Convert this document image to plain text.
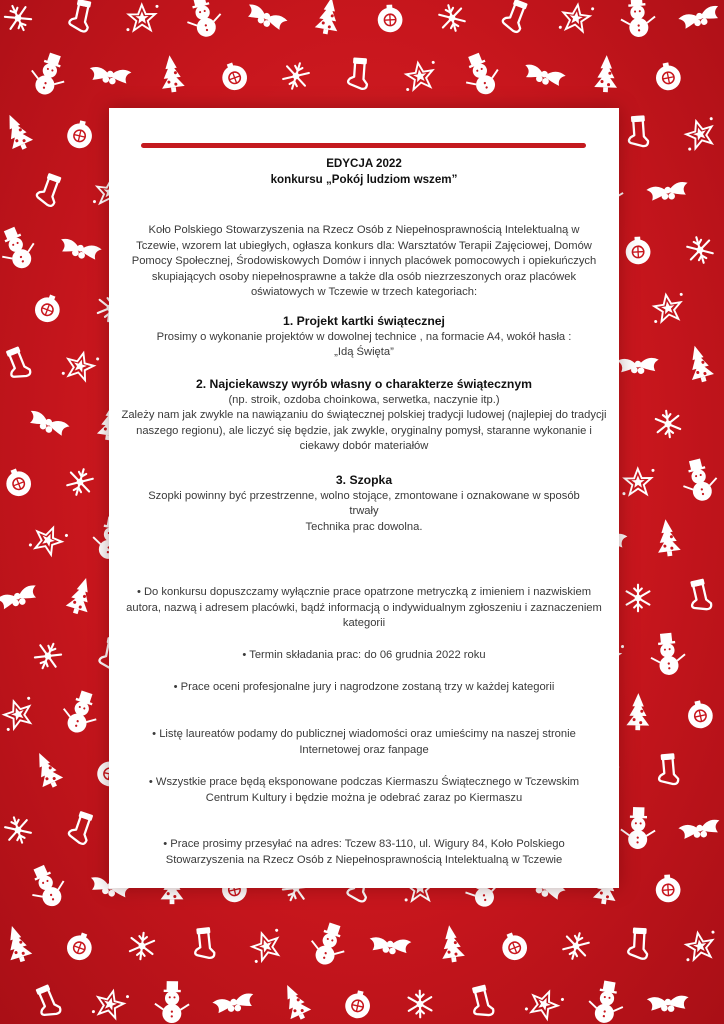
EDYCJA 2022
konkursu „Pokój ludziom wszem”

Koło Polskiego Stowarzyszenia na Rzecz Osób z Niepełnosprawnością Intelektualną w Tczewie, wzorem lat ubiegłych, ogłasza konkurs dla: Warsztatów Terapii Zajęciowej, Domów Pomocy Społecznej, Środowiskowych Domów i innych placówek pomocowych i opiekuńczych skupiających osoby niepełnosprawne a także dla osób niezrzeszonych oraz placówek oświatowych w Tczewie w trzech kategoriach:

1. Projekt kartki świątecznej
Prosimy o wykonanie projektów w dowolnej technice , na formacie A4, wokół hasła : „Idą Święta”
2. Najciekawszy wyrób własny o charakterze świątecznym
(np. stroik, ozdoba choinkowa, serwetka, naczynie itp.)
Zależy nam jak zwykle na nawiązaniu do świątecznej polskiej tradycji ludowej (najlepiej do tradycji naszego regionu), ale liczyć się będzie, jak zwykle, oryginalny pomysł, staranne wykonanie i ciekawy dobór materiałów
3. Szopka
Szopki powinny być przestrzenne, wolno stojące, zmontowane i oznakowane w sposób trwały
Technika prac dowolna.

• Do konkursu dopuszczamy wyłącznie prace opatrzone metryczką z imieniem i nazwiskiem autora, nazwą i adresem placówki, bądź informacją o indywidualnym zgłoszeniu i zaznaczeniem kategorii

• Termin składania prac: do 06 grudnia 2022 roku

• Prace oceni profesjonalne jury i nagrodzone zostaną trzy w każdej kategorii

• Listę laureatów podamy do publicznej wiadomości oraz umieścimy na naszej stronie Internetowej oraz fanpage

• Wszystkie prace będą eksponowane podczas Kiermaszu Świątecznego w Tczewskim Centrum Kultury i będzie można je odebrać zaraz po Kiermaszu

• Prace prosimy przesyłać na adres: Tczew 83-110, ul. Wigury 84, Koło Polskiego Stowarzyszenia na Rzecz Osób z Niepełnosprawnością Intelektualną w Tczewie
